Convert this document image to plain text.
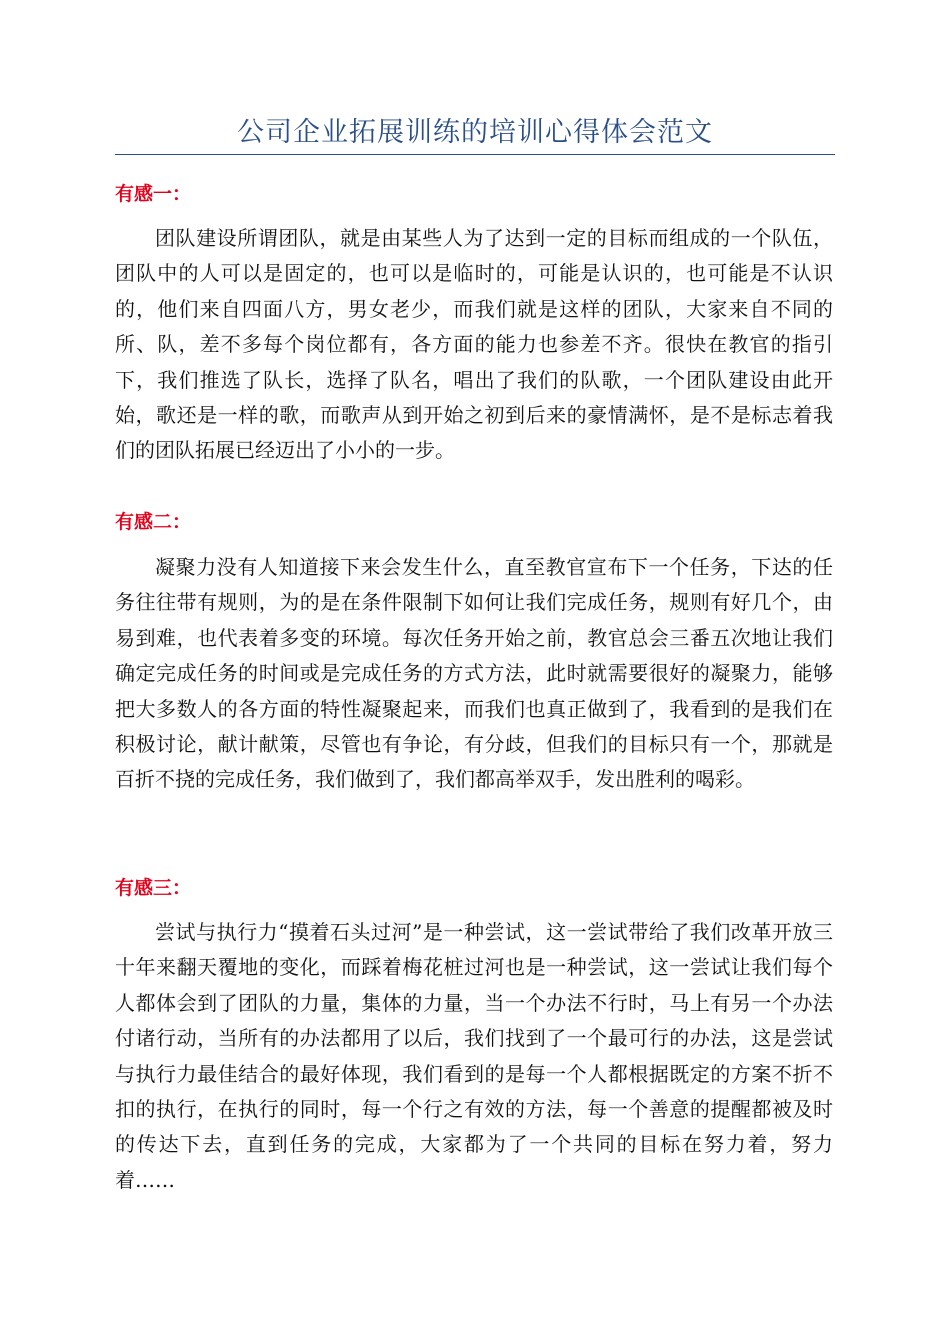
公司企业拓展训练的培训心得体会范文
有感一：

团队建设所谓团队，就是由某些人为了达到一定的目标而组成的一个队伍，团队中的人可以是固定的，也可以是临时的，可能是认识的，也可能是不认识的，他们来自四面八方，男女老少，而我们就是这样的团队，大家来自不同的所、队，差不多每个岗位都有，各方面的能力也参差不齐。很快在教官的指引下，我们推选了队长，选择了队名，唱出了我们的队歌，一个团队建设由此开始，歌还是一样的歌，而歌声从到开始之初到后来的豪情满怀，是不是标志着我们的团队拓展已经迈出了小小的一步。

有感二：

凝聚力没有人知道接下来会发生什么，直至教官宣布下一个任务，下达的任务往往带有规则，为的是在条件限制下如何让我们完成任务，规则有好几个，由易到难，也代表着多变的环境。每次任务开始之前，教官总会三番五次地让我们确定完成任务的时间或是完成任务的方式方法，此时就需要很好的凝聚力，能够把大多数人的各方面的特性凝聚起来，而我们也真正做到了，我看到的是我们在积极讨论，献计献策，尽管也有争论，有分歧，但我们的目标只有一个，那就是百折不挠的完成任务，我们做到了，我们都高举双手，发出胜利的喝彩。

有感三：

尝试与执行力“摸着石头过河”是一种尝试，这一尝试带给了我们改革开放三十年来翻天覆地的变化，而踩着梅花桩过河也是一种尝试，这一尝试让我们每个人都体会到了团队的力量，集体的力量，当一个办法不行时，马上有另一个办法付诸行动，当所有的办法都用了以后，我们找到了一个最可行的办法，这是尝试与执行力最佳结合的最好体现，我们看到的是每一个人都根据既定的方案不折不扣的执行，在执行的同时，每一个行之有效的方法，每一个善意的提醒都被及时的传达下去，直到任务的完成，大家都为了一个共同的目标在努力着，努力着……
